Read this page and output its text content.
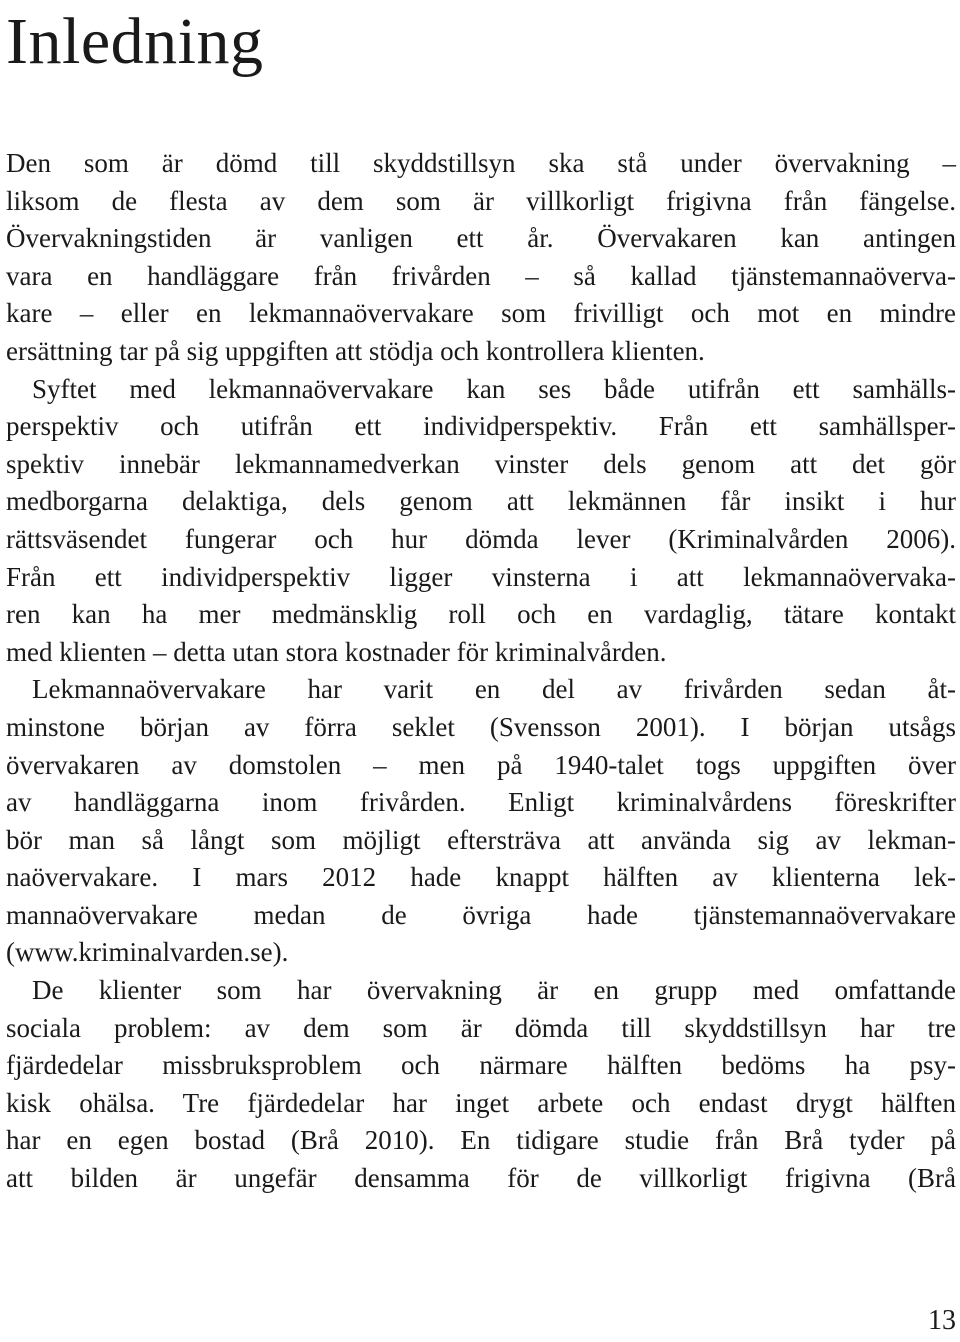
Inledning

Den som är dömd till skyddstillsyn ska stå under övervakning –
liksom de flesta av dem som är villkorligt frigivna från fängelse.
Övervakningstiden är vanligen ett år. Övervakaren kan antingen
vara en handläggare från frivården – så kallad tjänstemannaöverva-
kare – eller en lekmannaövervakare som frivilligt och mot en mindre
ersättning tar på sig uppgiften att stödja och kontrollera klienten.

Syftet med lekmannaövervakare kan ses både utifrån ett samhälls-
perspektiv och utifrån ett individperspektiv. Från ett samhällsper-
spektiv innebär lekmannamedverkan vinster dels genom att det gör
medborgarna delaktiga, dels genom att lekmännen får insikt i hur
rättsväsendet fungerar och hur dömda lever (Kriminalvården 2006).
Från ett individperspektiv ligger vinsterna i att lekmannaövervaka-
ren kan ha mer medmänsklig roll och en vardaglig, tätare kontakt
med klienten – detta utan stora kostnader för kriminalvården.

Lekmannaövervakare har varit en del av frivården sedan åt-
minstone början av förra seklet (Svensson 2001). I början utsågs
övervakaren av domstolen – men på 1940-talet togs uppgiften över
av handläggarna inom frivården. Enligt kriminalvårdens föreskrifter
bör man så långt som möjligt eftersträva att använda sig av lekman-
naövervakare. I mars 2012 hade knappt hälften av klienterna lek-
mannaövervakare medan de övriga hade tjänstemannaövervakare
(www.kriminalvarden.se).

De klienter som har övervakning är en grupp med omfattande
sociala problem: av dem som är dömda till skyddstillsyn har tre
fjärdedelar missbruksproblem och närmare hälften bedöms ha psy-
kisk ohälsa. Tre fjärdedelar har inget arbete och endast drygt hälften
har en egen bostad (Brå 2010). En tidigare studie från Brå tyder på
att bilden är ungefär densamma för de villkorligt frigivna (Brå

13
